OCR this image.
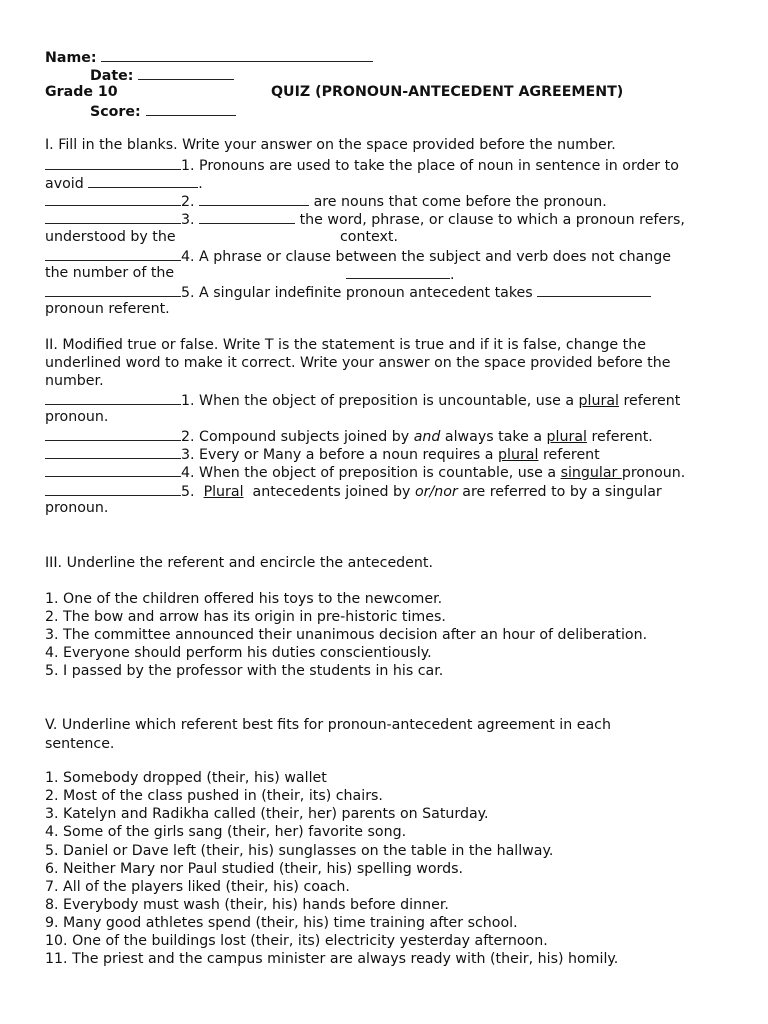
Name:
Date:
Grade 10	QUIZ (PRONOUN-ANTECEDENT AGREEMENT)
Score:
I. Fill in the blanks. Write your answer on the space provided before the number.
1. Pronouns are used to take the place of noun in sentence in order to
avoid	.
2.	are nouns that come before the pronoun.
3.	the word, phrase, or clause to which a pronoun refers,
understood by the	context.
4. A phrase or clause between the subject and verb does not change
the number of the	.
5. A singular indefinite pronoun antecedent takes
pronoun referent.
II. Modified true or false. Write T is the statement is true and if it is false, change the
underlined word to make it correct. Write your answer on the space provided before the
number.
1. When the object of preposition is uncountable, use a plural referent
pronoun.
2. Compound subjects joined by and always take a plural referent.
3. Every or Many a before a noun requires a plural referent
4. When the object of preposition is countable, use a singular pronoun.
5.  Plural  antecedents joined by or/nor are referred to by a singular
pronoun.
III. Underline the referent and encircle the antecedent.
1. One of the children offered his toys to the newcomer.
2. The bow and arrow has its origin in pre-historic times.
3. The committee announced their unanimous decision after an hour of deliberation.
4. Everyone should perform his duties conscientiously.
5. I passed by the professor with the students in his car.
V. Underline which referent best fits for pronoun-antecedent agreement in each
sentence.
1. Somebody dropped (their, his) wallet
2. Most of the class pushed in (their, its) chairs.
3. Katelyn and Radikha called (their, her) parents on Saturday.
4. Some of the girls sang (their, her) favorite song.
5. Daniel or Dave left (their, his) sunglasses on the table in the hallway.
6. Neither Mary nor Paul studied (their, his) spelling words.
7. All of the players liked (their, his) coach.
8. Everybody must wash (their, his) hands before dinner.
9. Many good athletes spend (their, his) time training after school.
10. One of the buildings lost (their, its) electricity yesterday afternoon.
11. The priest and the campus minister are always ready with (their, his) homily.
